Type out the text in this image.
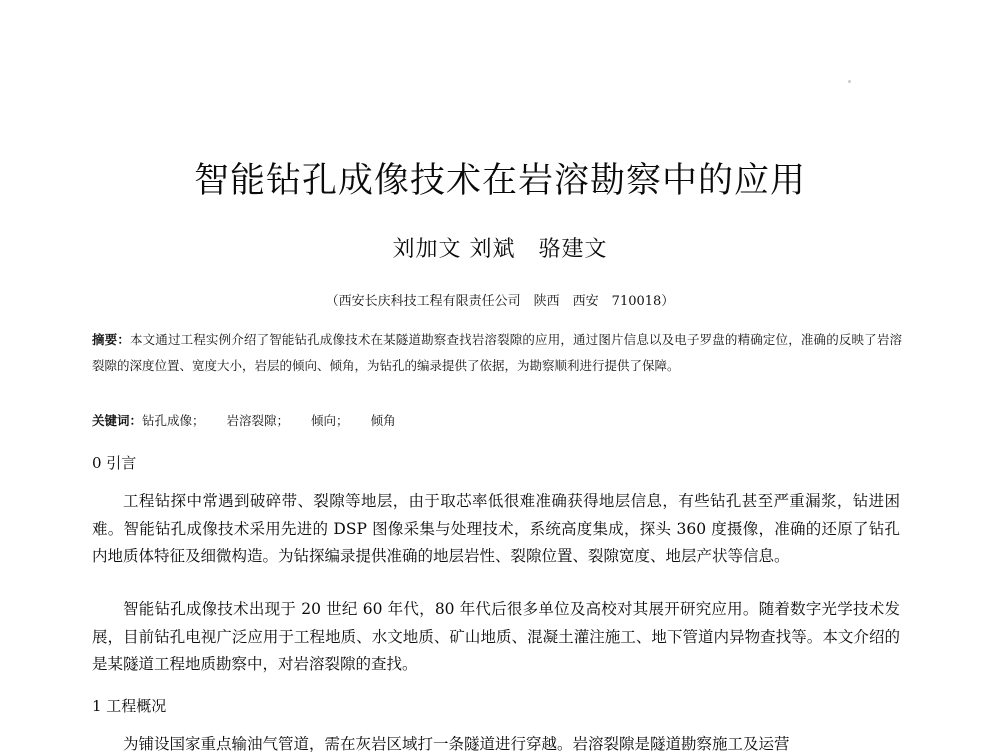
智能钻孔成像技术在岩溶勘察中的应用
刘加文 刘斌　骆建文
（西安长庆科技工程有限责任公司　陕西　西安　710018）
摘要：本文通过工程实例介绍了智能钻孔成像技术在某隧道勘察查找岩溶裂隙的应用，通过图片信息以及电子罗盘的精确定位，准确的反映了岩溶裂隙的深度位置、宽度大小，岩层的倾向、倾角，为钻孔的编录提供了依据，为勘察顺利进行提供了保障。
关键词：钻孔成像； 岩溶裂隙； 倾向； 倾角
0 引言
工程钻探中常遇到破碎带、裂隙等地层，由于取芯率低很难准确获得地层信息，有些钻孔甚至严重漏浆，钻进困难。智能钻孔成像技术采用先进的 DSP 图像采集与处理技术，系统高度集成，探头 360 度摄像，准确的还原了钻孔内地质体特征及细微构造。为钻探编录提供准确的地层岩性、裂隙位置、裂隙宽度、地层产状等信息。
智能钻孔成像技术出现于 20 世纪 60 年代，80 年代后很多单位及高校对其展开研究应用。随着数字光学技术发展，目前钻孔电视广泛应用于工程地质、水文地质、矿山地质、混凝土灌注施工、地下管道内异物查找等。本文介绍的是某隧道工程地质勘察中，对岩溶裂隙的查找。
1 工程概况
为铺设国家重点输油气管道，需在灰岩区域打一条隧道进行穿越。岩溶裂隙是隧道勘察施工及运营
